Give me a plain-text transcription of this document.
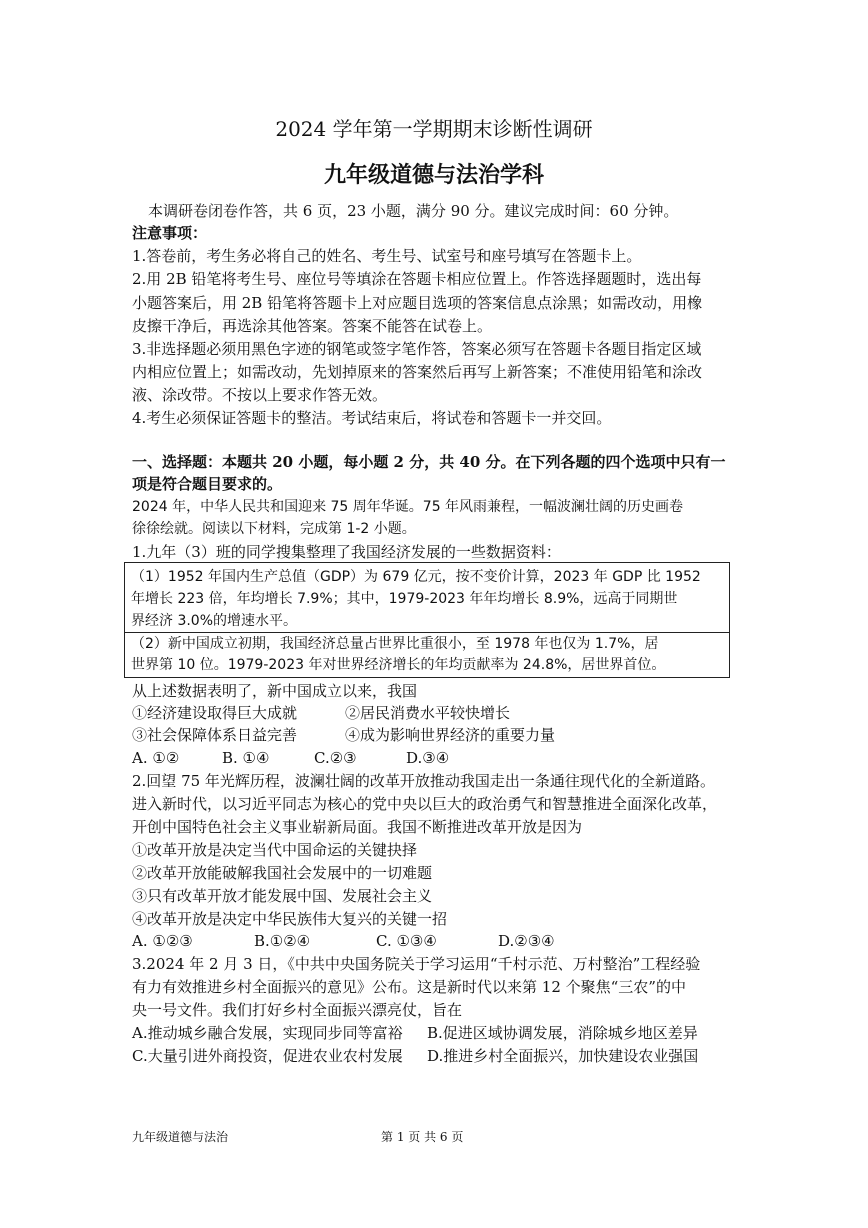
2024 学年第一学期期末诊断性调研
九年级道德与法治学科
本调研卷闭卷作答，共 6 页，23 小题，满分 90 分。建议完成时间：60 分钟。
注意事项：
1.答卷前，考生务必将自己的姓名、考生号、试室号和座号填写在答题卡上。
2.用 2B 铅笔将考生号、座位号等填涂在答题卡相应位置上。作答选择题题时，选出每
小题答案后，用 2B 铅笔将答题卡上对应题目选项的答案信息点涂黑；如需改动，用橡
皮擦干净后，再选涂其他答案。答案不能答在试卷上。
3.非选择题必须用黑色字迹的钢笔或签字笔作答，答案必须写在答题卡各题目指定区域
内相应位置上；如需改动，先划掉原来的答案然后再写上新答案；不准使用铅笔和涂改
液、涂改带。不按以上要求作答无效。
4.考生必须保证答题卡的整洁。考试结束后，将试卷和答题卡一并交回。
一、选择题：本题共 20 小题，每小题 2 分，共 40 分。在下列各题的四个选项中只有一
项是符合题目要求的。
2024 年，中华人民共和国迎来 75 周年华诞。75 年风雨兼程，一幅波澜壮阔的历史画卷
徐徐绘就。阅读以下材料，完成第 1-2 小题。
1.九年（3）班的同学搜集整理了我国经济发展的一些数据资料：
（1）1952 年国内生产总值（GDP）为 679 亿元，按不变价计算，2023 年 GDP 比 1952
年增长 223 倍，年均增长 7.9%；其中，1979-2023 年年均增长 8.9%，远高于同期世
界经济 3.0%的增速水平。
（2）新中国成立初期，我国经济总量占世界比重很小，至 1978 年也仅为 1.7%，居
世界第 10 位。1979-2023 年对世界经济增长的年均贡献率为 24.8%，居世界首位。
从上述数据表明了，新中国成立以来，我国
①经济建设取得巨大成就	②居民消费水平较快增长
③社会保障体系日益完善	④成为影响世界经济的重要力量
A. ①②	B. ①④	C.②③	D.③④
2.回望 75 年光辉历程，波澜壮阔的改革开放推动我国走出一条通往现代化的全新道路。
进入新时代，以习近平同志为核心的党中央以巨大的政治勇气和智慧推进全面深化改革，
开创中国特色社会主义事业崭新局面。我国不断推进改革开放是因为
①改革开放是决定当代中国命运的关键抉择
②改革开放能破解我国社会发展中的一切难题
③只有改革开放才能发展中国、发展社会主义
④改革开放是决定中华民族伟大复兴的关键一招
A. ①②③	B.①②④	C. ①③④	D.②③④
3.2024 年 2 月 3 日，《中共中央国务院关于学习运用“千村示范、万村整治”工程经验
有力有效推进乡村全面振兴的意见》公布。这是新时代以来第 12 个聚焦“三农”的中
央一号文件。我们打好乡村全面振兴漂亮仗，旨在
A.推动城乡融合发展，实现同步同等富裕 B.促进区域协调发展，消除城乡地区差异
C.大量引进外商投资，促进农业农村发展 D.推进乡村全面振兴，加快建设农业强国
九年级道德与法治	第 1 页 共 6 页
